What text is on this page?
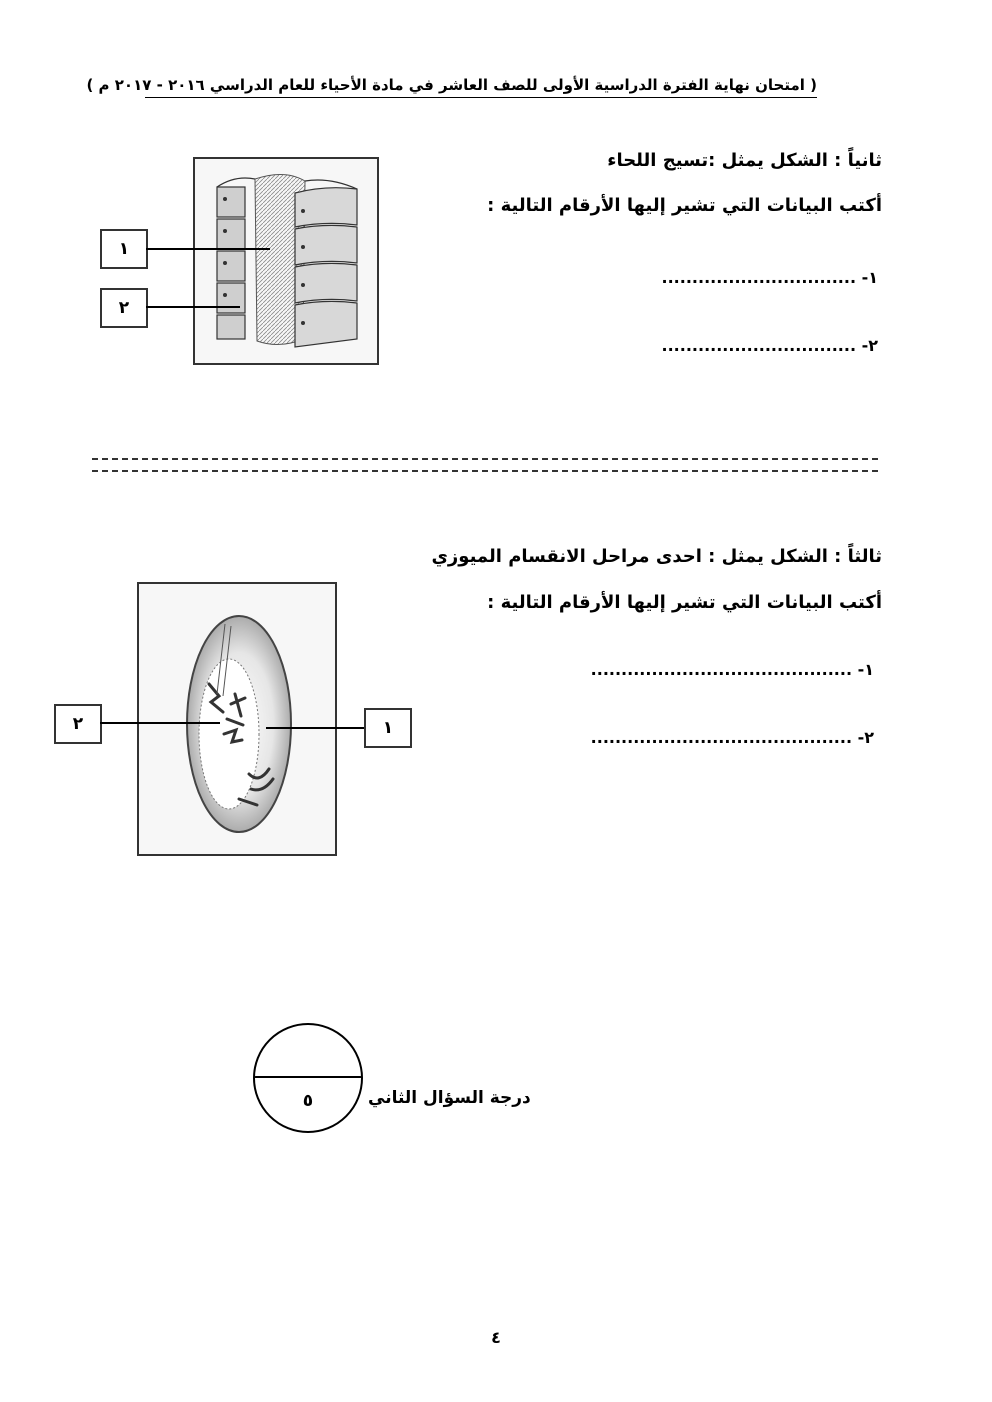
( امتحان نهاية الفترة الدراسية الأولى للصف العاشر في مادة الأحياء للعام الدراسي ٢٠١٦ - ٢٠١٧ م )
ثانياً : الشكل يمثل :تسيج اللحاء
أكتب البيانات التي تشير إليها الأرقام التالية :
١- ................................
٢- ................................
١
٢
ثالثاً : الشكل يمثل : احدى مراحل الانقسام الميوزي
أكتب البيانات التي تشير إليها الأرقام التالية :
١- ...........................................
٢- ...........................................
٢	١
٥	درجة السؤال الثاني
٤
